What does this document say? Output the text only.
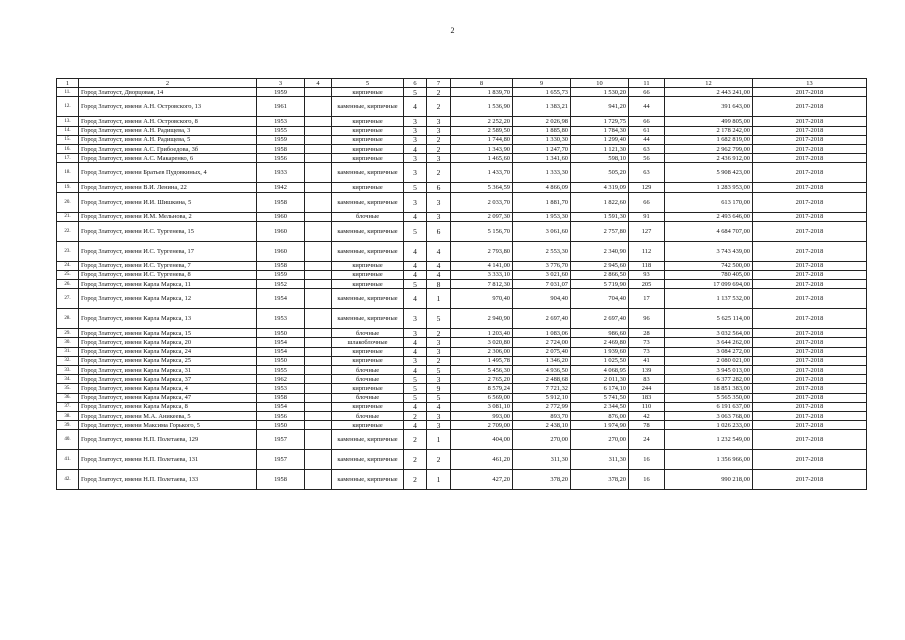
2
1	2	3	4	5	6	7	8	9	10	11	12	13
11.	Город Златоуст, Дворцовая, 14	1959		кирпичные	5	2	1 839,70	1 655,73	1 530,20	66	2 443 241,00	2017-2018
12.	Город Златоуст, имени А.Н. Островского, 13	1961		каменные, кирпичные	4	2	1 536,90	1 383,21	941,20	44	391 643,00	2017-2018
13.	Город Златоуст, имени А.Н. Островского, 8	1953		кирпичные	3	3	2 252,20	2 026,98	1 729,75	66	499 805,00	2017-2018
14.	Город Златоуст, имени А.Н. Радищева, 3	1955		кирпичные	3	3	2 589,50	1 885,80	1 784,30	61	2 178 242,00	2017-2018
15.	Город Златоуст, имени А.Н. Радищева, 5	1959		кирпичные	3	2	1 744,80	1 330,30	1 299,40	44	1 682 819,00	2017-2018
16.	Город Златоуст, имени А.С. Грибоедова, 3б	1958		кирпичные	4	2	1 343,90	1 247,70	1 121,30	63	2 962 799,00	2017-2018
17.	Город Златоуст, имени А.С. Макаренко, 6	1956		кирпичные	3	3	1 465,60	1 341,60	598,10	56	2 436 912,00	2017-2018
18.	Город Златоуст, имени Братьев Пудовкиных, 4	1933		каменные, кирпичные	3	2	1 433,70	1 333,30	505,20	63	5 908 423,00	2017-2018
19.	Город Златоуст, имени В.И. Ленина, 22	1942		кирпичные	5	6	5 364,59	4 866,09	4 319,09	129	1 283 953,00	2017-2018
20.	Город Златоуст, имени И.И. Шишкина, 5	1958		каменные, кирпичные	3	3	2 033,70	1 881,70	1 822,60	66	613 170,00	2017-2018
21.	Город Златоуст, имени И.М. Мельнова, 2	1960		блочные	4	3	2 097,30	1 953,30	1 591,30	91	2 493 646,00	2017-2018
22.	Город Златоуст, имени И.С. Тургенева, 15	1960		каменные, кирпичные	5	6	5 156,70	3 061,60	2 757,80	127	4 684 707,00	2017-2018
23.	Город Златоуст, имени И.С. Тургенева, 17	1960		каменные, кирпичные	4	4	2 793,80	2 553,30	2 340,90	112	3 743 439,00	2017-2018
24.	Город Златоуст, имени И.С. Тургенева, 7	1958		кирпичные	4	4	4 141,00	3 776,70	2 945,60	118	742 500,00	2017-2018
25.	Город Златоуст, имени И.С. Тургенева, 8	1959		кирпичные	4	4	3 333,10	3 021,60	2 866,50	93	780 405,00	2017-2018
26.	Город Златоуст, имени Карла Маркса, 11	1952		кирпичные	5	8	7 812,30	7 031,07	5 719,90	205	17 099 694,00	2017-2018
27.	Город Златоуст, имени Карла Маркса, 12	1954		каменные, кирпичные	4	1	970,40	904,40	704,40	17	1 137 532,00	2017-2018
28.	Город Златоуст, имени Карла Маркса, 13	1953		каменные, кирпичные	3	5	2 940,90	2 697,40	2 697,40	96	5 625 114,00	2017-2018
29.	Город Златоуст, имени Карла Маркса, 15	1950		блочные	3	2	1 203,40	1 083,06	986,60	28	3 032 564,00	2017-2018
30.	Город Златоуст, имени Карла Маркса, 20	1954		шлакоблочные	4	3	3 020,80	2 724,00	2 469,80	73	3 644 262,00	2017-2018
31.	Город Златоуст, имени Карла Маркса, 24	1954		кирпичные	4	3	2 306,00	2 075,40	1 939,60	73	3 084 272,00	2017-2018
32.	Город Златоуст, имени Карла Маркса, 25	1950		кирпичные	3	2	1 495,78	1 346,20	1 025,50	41	2 080 021,00	2017-2018
33.	Город Златоуст, имени Карла Маркса, 31	1955		блочные	4	5	5 456,30	4 936,50	4 068,95	139	3 945 013,00	2017-2018
34.	Город Златоуст, имени Карла Маркса, 37	1962		блочные	5	3	2 765,20	2 488,68	2 011,30	83	6 377 282,00	2017-2018
35.	Город Златоуст, имени Карла Маркса, 4	1953		кирпичные	5	9	8 579,24	7 721,32	6 174,10	244	18 851 383,00	2017-2018
36.	Город Златоуст, имени Карла Маркса, 47	1958		блочные	5	5	6 569,00	5 912,10	5 741,50	183	5 565 350,00	2017-2018
37.	Город Златоуст, имени Карла Маркса, 8	1954		кирпичные	4	4	3 081,10	2 772,99	2 344,50	110	6 191 637,00	2017-2018
38.	Город Златоуст, имени М.А. Аникеева, 5	1956		блочные	2	3	993,00	893,70	876,00	42	3 063 768,00	2017-2018
39.	Город Златоуст, имени Максима Горького, 5	1950		кирпичные	4	3	2 709,00	2 438,10	1 974,90	78	1 026 233,00	2017-2018
40.	Город Златоуст, имени Н.П. Полетаева, 129	1957		каменные, кирпичные	2	1	404,00	270,00	270,00	24	1 232 549,00	2017-2018
41.	Город Златоуст, имени Н.П. Полетаева, 131	1957		каменные, кирпичные	2	2	461,20	311,30	311,30	16	1 356 966,00	2017-2018
42.	Город Златоуст, имени Н.П. Полетаева, 133	1958		каменные, кирпичные	2	1	427,20	378,20	378,20	16	990 218,00	2017-2018
